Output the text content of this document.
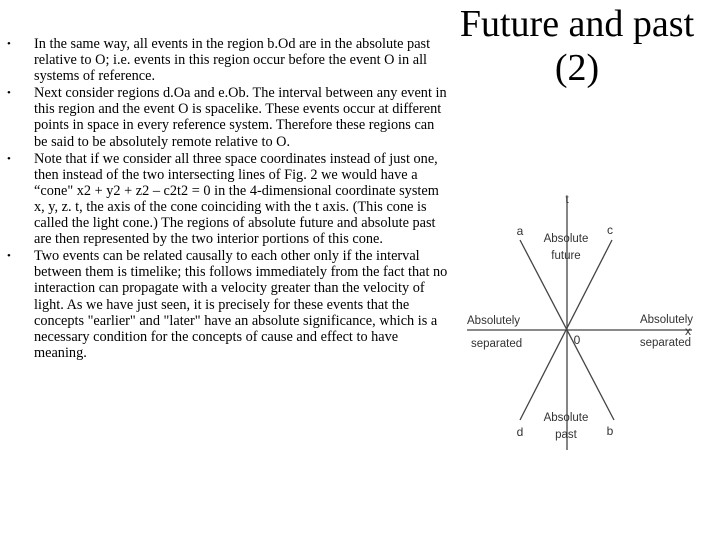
Future and past
(2)
• In the same way, all events in the region b.Od are in the absolute past relative to O; i.e. events in this region occur before the event O in all systems of reference.
• Next consider regions d.Oa and e.Ob. The interval between any event in this region and the event O is spacelike. These events occur at different points in space in every reference system. Therefore these regions can be said to be absolutely remote relative to O.
• Note that if we consider all three space coordinates instead of just one, then instead of the two intersecting lines of Fig. 2 we would have a “cone" x2 + y2 + z2 – c2t2 = 0 in the 4-dimensional coordinate system x, y, z. t, the axis of the cone coinciding with the t axis. (This cone is called the light cone.) The regions of absolute future and absolute past are then represented by the two interior portions of this cone.
• Two events can be related causally to each other only if the interval between them is timelike; this follows immediately from the fact that no interaction can propagate with a velocity greater than the velocity of light. As we have just seen, it is precisely for these events that the concepts "earlier" and "later" have an absolute significance, which is a necessary condition for the concepts of cause and effect to have meaning.
t
x
0
a
b
c
d
Absolute
future
Absolute
past
Absolutely
separated
Absolutely
separated
